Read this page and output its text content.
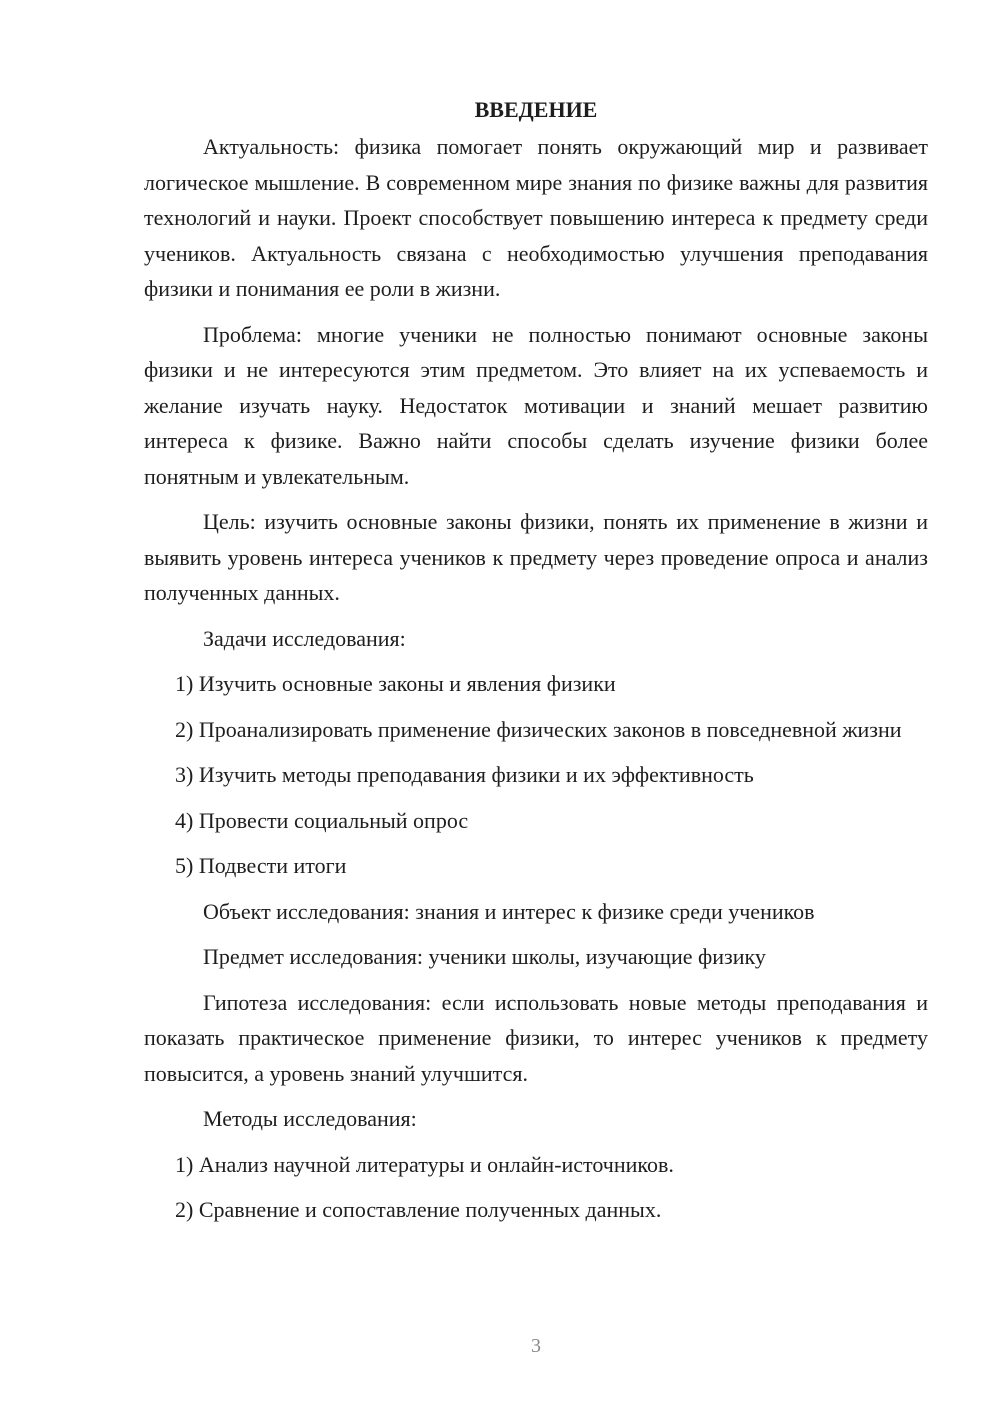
ВВЕДЕНИЕ

Актуальность: физика помогает понять окружающий мир и развивает логическое мышление. В современном мире знания по физике важны для развития технологий и науки. Проект способствует повышению интереса к предмету среди учеников. Актуальность связана с необходимостью улучшения преподавания физики и понимания ее роли в жизни.

Проблема: многие ученики не полностью понимают основные законы физики и не интересуются этим предметом. Это влияет на их успеваемость и желание изучать науку. Недостаток мотивации и знаний мешает развитию интереса к физике. Важно найти способы сделать изучение физики более понятным и увлекательным.

Цель: изучить основные законы физики, понять их применение в жизни и выявить уровень интереса учеников к предмету через проведение опроса и анализ полученных данных.

Задачи исследования:

1) Изучить основные законы и явления физики

2) Проанализировать применение физических законов в повседневной жизни

3) Изучить методы преподавания физики и их эффективность

4) Провести социальный опрос

5) Подвести итоги

Объект исследования: знания и интерес к физике среди учеников

Предмет исследования: ученики школы, изучающие физику

Гипотеза исследования: если использовать новые методы преподавания и показать практическое применение физики, то интерес учеников к предмету повысится, а уровень знаний улучшится.

Методы исследования:

1) Анализ научной литературы и онлайн-источников.

2) Сравнение и сопоставление полученных данных.

3
